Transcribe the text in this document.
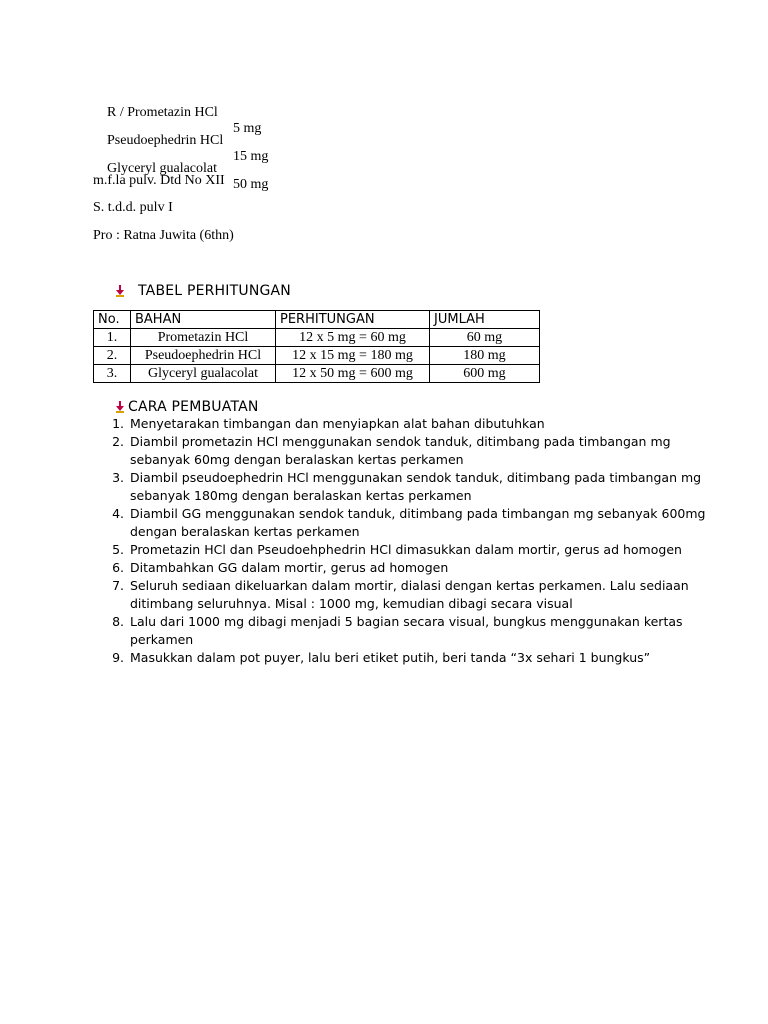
R / Prometazin HCl

5 mg

Pseudoephedrin HCl

15 mg

Glyceryl gualacolat

50 mg

m.f.la pulv. Dtd No XII
S. t.d.d. pulv I
Pro : Ratna Juwita (6thn)
TABEL PERHITUNGAN
No.	BAHAN	PERHITUNGAN	JUMLAH
1.	Prometazin HCl	12 x 5 mg = 60 mg	60 mg
2.	Pseudoephedrin HCl	12 x 15 mg = 180 mg	180 mg
3.	Glyceryl gualacolat	12 x 50 mg = 600 mg	600 mg
CARA PEMBUATAN
1. Menyetarakan timbangan dan menyiapkan alat bahan dibutuhkan
2. Diambil prometazin HCl menggunakan sendok tanduk, ditimbang pada timbangan mg sebanyak 60mg dengan beralaskan kertas perkamen
3. Diambil pseudoephedrin HCl menggunakan sendok tanduk, ditimbang pada timbangan mg sebanyak 180mg dengan beralaskan kertas perkamen
4. Diambil GG menggunakan sendok tanduk, ditimbang pada timbangan mg sebanyak 600mg dengan beralaskan kertas perkamen
5. Prometazin HCl dan Pseudoehphedrin HCl dimasukkan dalam mortir, gerus ad homogen
6. Ditambahkan GG dalam mortir, gerus ad homogen
7. Seluruh sediaan dikeluarkan dalam mortir, dialasi dengan kertas perkamen. Lalu sediaan ditimbang seluruhnya. Misal : 1000 mg, kemudian dibagi secara visual
8. Lalu dari 1000 mg dibagi menjadi 5 bagian secara visual, bungkus menggunakan kertas perkamen
9. Masukkan dalam pot puyer, lalu beri etiket putih, beri tanda “3x sehari 1 bungkus”
